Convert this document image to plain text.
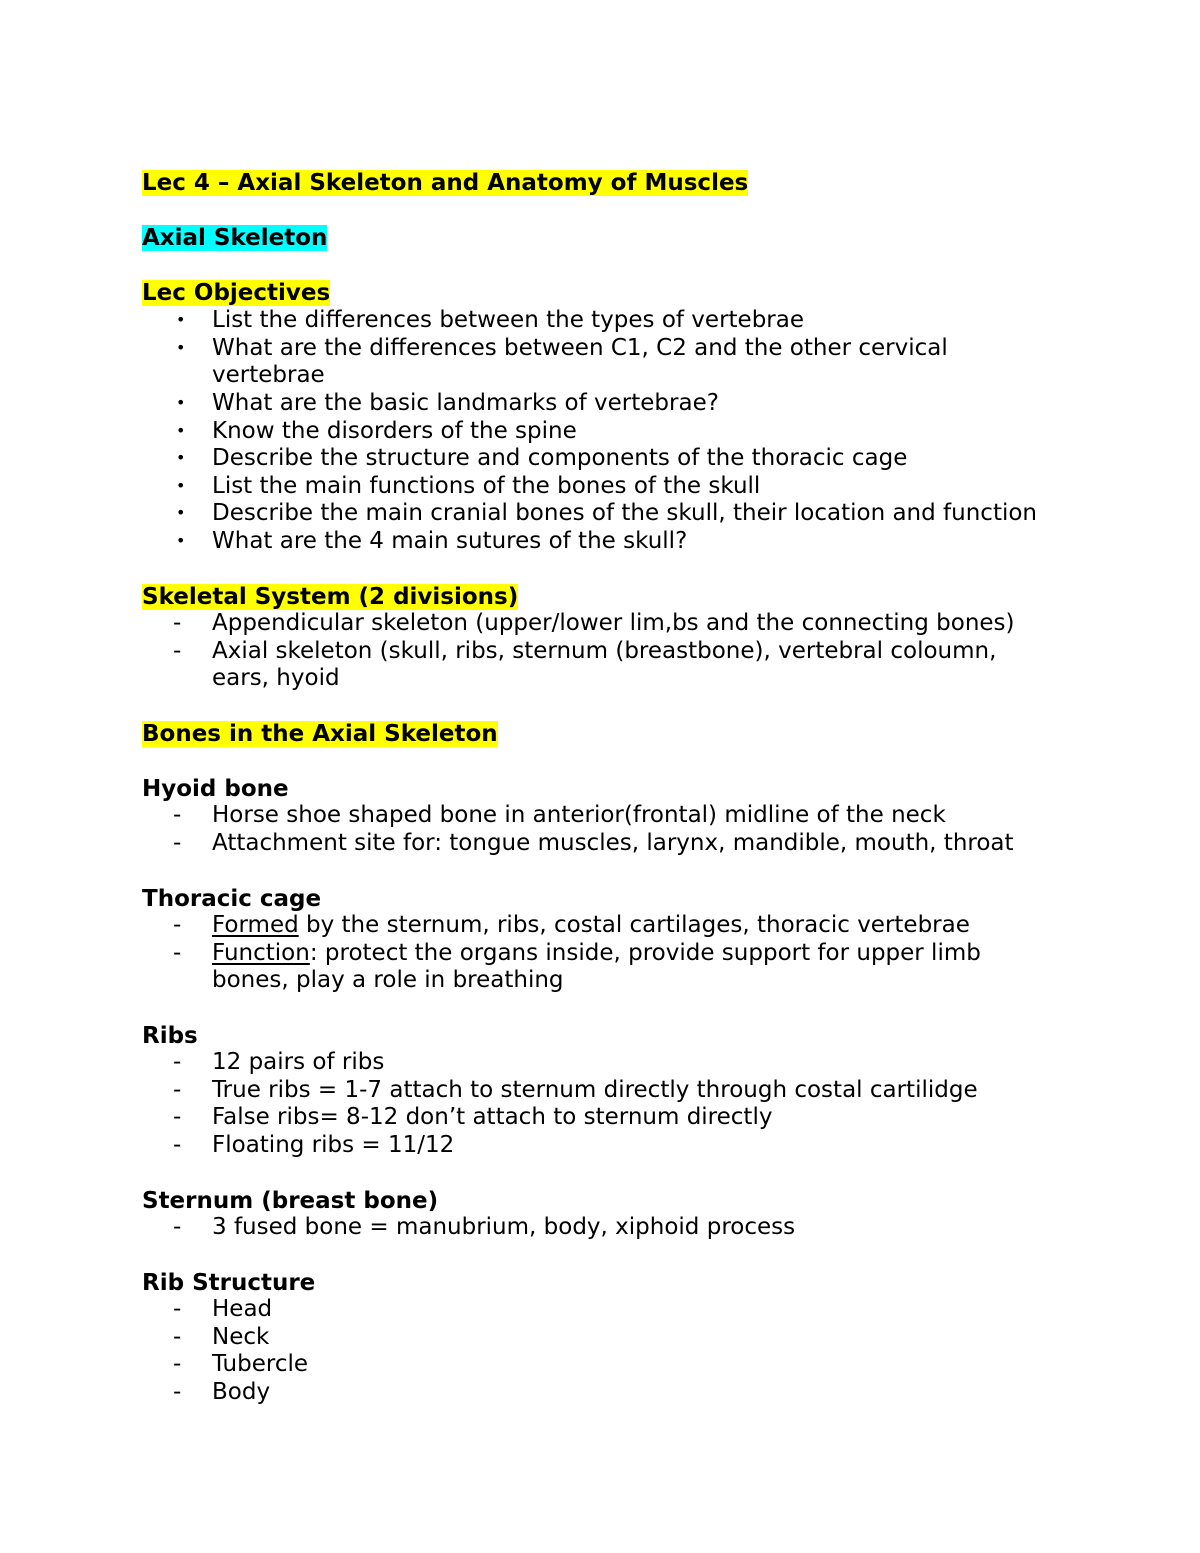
Lec 4 – Axial Skeleton and Anatomy of Muscles
Axial Skeleton
Lec Objectives
• List the differences between the types of vertebrae
• What are the differences between C1, C2 and the other cervical
vertebrae
• What are the basic landmarks of vertebrae?
• Know the disorders of the spine
• Describe the structure and components of the thoracic cage
• List the main functions of the bones of the skull
• Describe the main cranial bones of the skull, their location and function
• What are the 4 main sutures of the skull?
Skeletal System (2 divisions)
- Appendicular skeleton (upper/lower lim,bs and the connecting bones)
- Axial skeleton (skull, ribs, sternum (breastbone), vertebral coloumn,
ears, hyoid
Bones in the Axial Skeleton
Hyoid bone
- Horse shoe shaped bone in anterior(frontal) midline of the neck
- Attachment site for: tongue muscles, larynx, mandible, mouth, throat
Thoracic cage
- Formed by the sternum, ribs, costal cartilages, thoracic vertebrae
- Function: protect the organs inside, provide support for upper limb
bones, play a role in breathing
Ribs
- 12 pairs of ribs
- True ribs = 1-7 attach to sternum directly through costal cartilidge
- False ribs= 8-12 don’t attach to sternum directly
- Floating ribs = 11/12
Sternum (breast bone)
- 3 fused bone = manubrium, body, xiphoid process
Rib Structure
- Head
- Neck
- Tubercle
- Body
